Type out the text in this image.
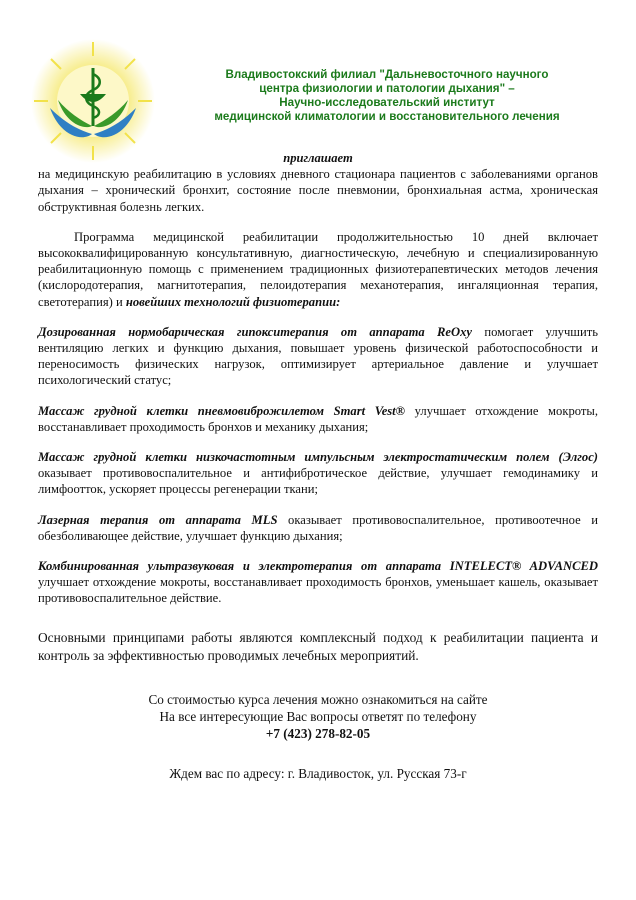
Владивостокский филиал "Дальневосточного научного
центра физиологии и патологии дыхания" –
Научно-исследовательский институт
медицинской климатологии и восстановительного лечения
приглашает

на медицинскую реабилитацию в условиях дневного стационара пациентов с заболеваниями органов дыхания – хронический бронхит, состояние после пневмонии, бронхиальная астма, хроническая обструктивная болезнь легких.

Программа медицинской реабилитации продолжительностью 10 дней включает высококвалифицированную консультативную, диагностическую, лечебную и специализированную реабилитационную помощь с применением традиционных физиотерапевтических методов лечения (кислородотерапия, магнитотерапия, пелоидотерапия механотерапия, ингаляционная терапия, светотерапия) и новейших технологий физиотерапии:

Дозированная нормобарическая гипокситерапия от аппарата ReOxy помогает улучшить вентиляцию легких и функцию дыхания, повышает уровень физической работоспособности и переносимость физических нагрузок, оптимизирует артериальное давление и улучшает психологический статус;

Массаж грудной клетки пневмовиброжилетом Smart Vest® улучшает отхождение мокроты, восстанавливает проходимость бронхов и механику дыхания;

Массаж грудной клетки низкочастотным импульсным электростатическим полем (Элгос) оказывает противовоспалительное и антифибротическое действие, улучшает гемодинамику и лимфоотток, ускоряет процессы регенерации ткани;

Лазерная терапия от аппарата MLS оказывает противовоспалительное, противоотечное и обезболивающее действие, улучшает функцию дыхания;

Комбинированная ультразвуковая и электротерапия от аппарата INTELECT® ADVANCED улучшает отхождение мокроты, восстанавливает проходимость бронхов, уменьшает кашель, оказывает противовоспалительное действие.

Основными принципами работы являются комплексный подход к реабилитации пациента и контроль за эффективностью проводимых лечебных мероприятий.

Со стоимостью курса лечения можно ознакомиться на сайте
На все интересующие Вас вопросы ответят по телефону
+7 (423) 278-82-05
Ждем вас по адресу: г. Владивосток, ул. Русская 73-г
